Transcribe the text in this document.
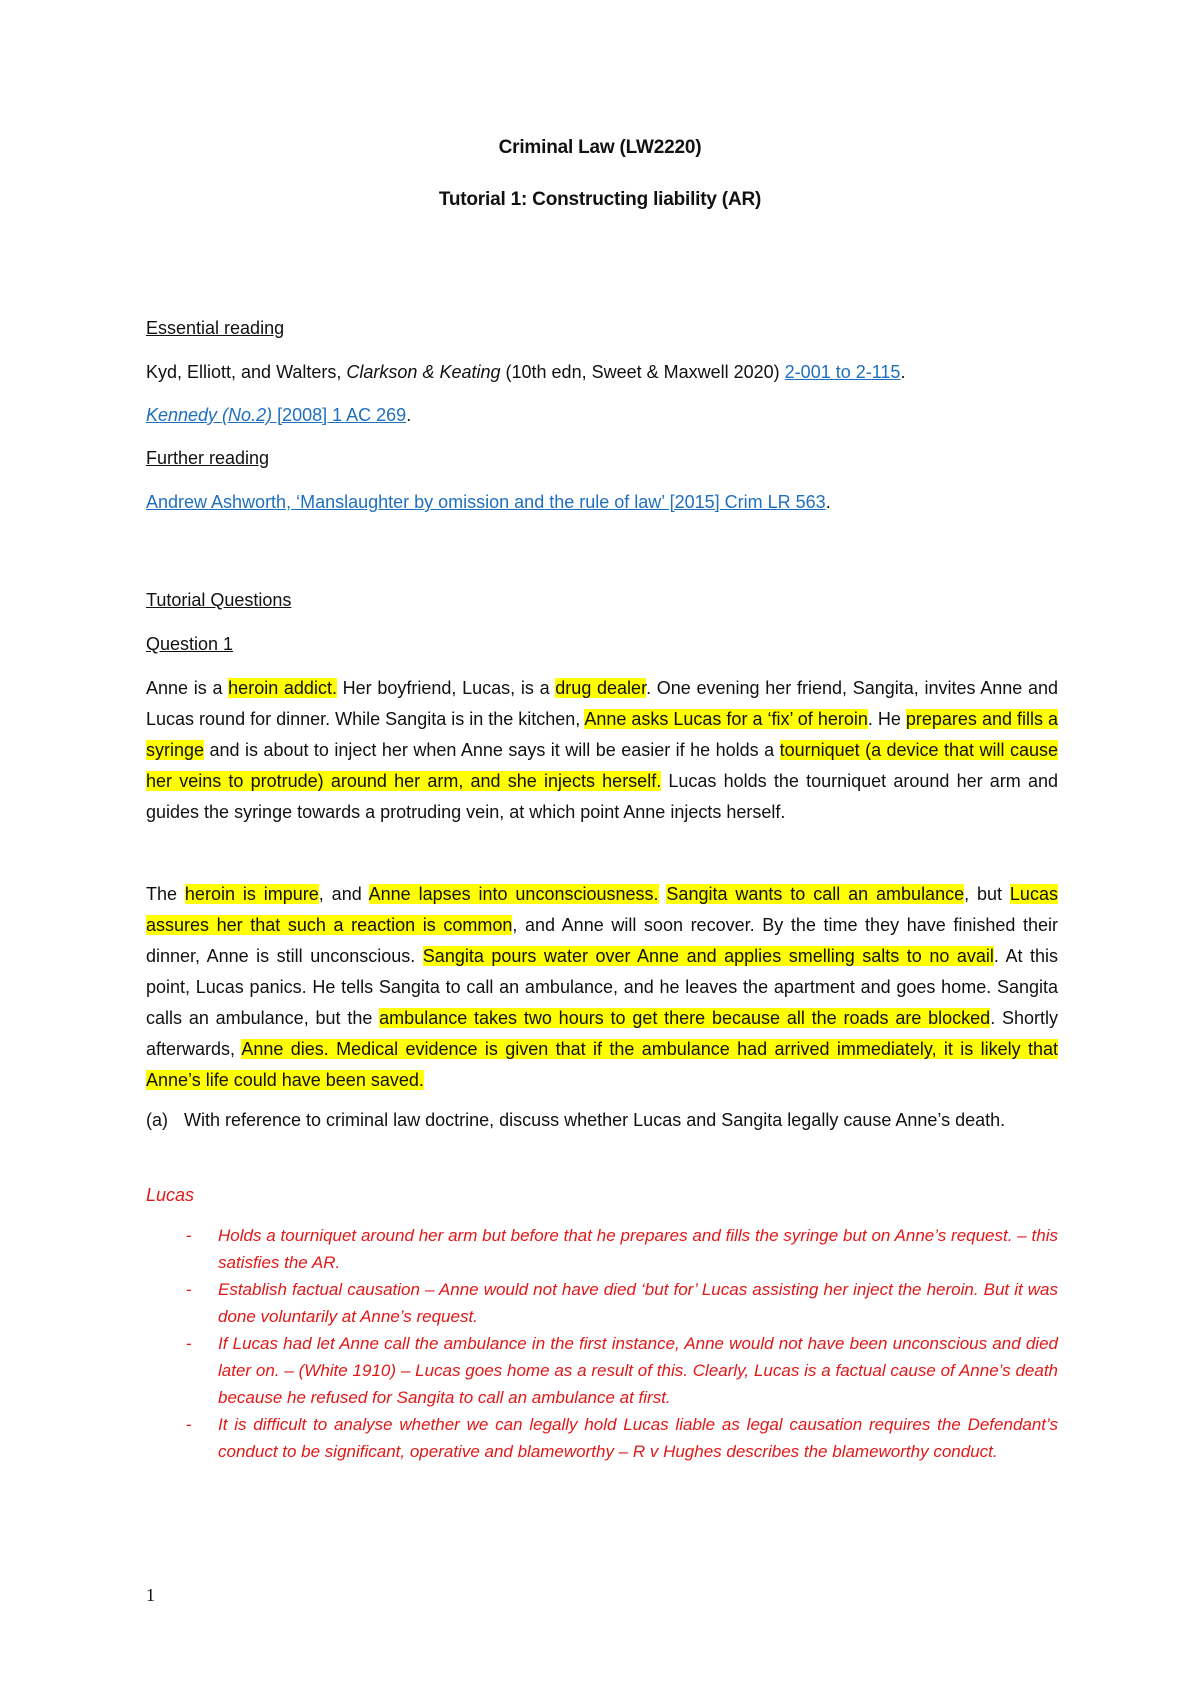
Criminal Law (LW2220)
Tutorial 1: Constructing liability (AR)
Essential reading
Kyd, Elliott, and Walters, Clarkson & Keating (10th edn, Sweet & Maxwell 2020) 2-001 to 2-115.
Kennedy (No.2) [2008] 1 AC 269.
Further reading
Andrew Ashworth, ‘Manslaughter by omission and the rule of law’ [2015] Crim LR 563.
Tutorial Questions
Question 1
Anne is a heroin addict. Her boyfriend, Lucas, is a drug dealer. One evening her friend, Sangita, invites Anne and Lucas round for dinner. While Sangita is in the kitchen, Anne asks Lucas for a ‘fix’ of heroin. He prepares and fills a syringe and is about to inject her when Anne says it will be easier if he holds a tourniquet (a device that will cause her veins to protrude) around her arm, and she injects herself. Lucas holds the tourniquet around her arm and guides the syringe towards a protruding vein, at which point Anne injects herself.
The heroin is impure, and Anne lapses into unconsciousness. Sangita wants to call an ambulance, but Lucas assures her that such a reaction is common, and Anne will soon recover. By the time they have finished their dinner, Anne is still unconscious. Sangita pours water over Anne and applies smelling salts to no avail. At this point, Lucas panics. He tells Sangita to call an ambulance, and he leaves the apartment and goes home. Sangita calls an ambulance, but the ambulance takes two hours to get there because all the roads are blocked. Shortly afterwards, Anne dies. Medical evidence is given that if the ambulance had arrived immediately, it is likely that Anne’s life could have been saved.
(a) With reference to criminal law doctrine, discuss whether Lucas and Sangita legally cause Anne’s death.
Lucas
- Holds a tourniquet around her arm but before that he prepares and fills the syringe but on Anne’s request. – this satisfies the AR.
- Establish factual causation – Anne would not have died ‘but for’ Lucas assisting her inject the heroin. But it was done voluntarily at Anne’s request.
- If Lucas had let Anne call the ambulance in the first instance, Anne would not have been unconscious and died later on. – (White 1910) – Lucas goes home as a result of this. Clearly, Lucas is a factual cause of Anne’s death because he refused for Sangita to call an ambulance at first.
- It is difficult to analyse whether we can legally hold Lucas liable as legal causation requires the Defendant’s conduct to be significant, operative and blameworthy – R v Hughes describes the blameworthy conduct.
1
